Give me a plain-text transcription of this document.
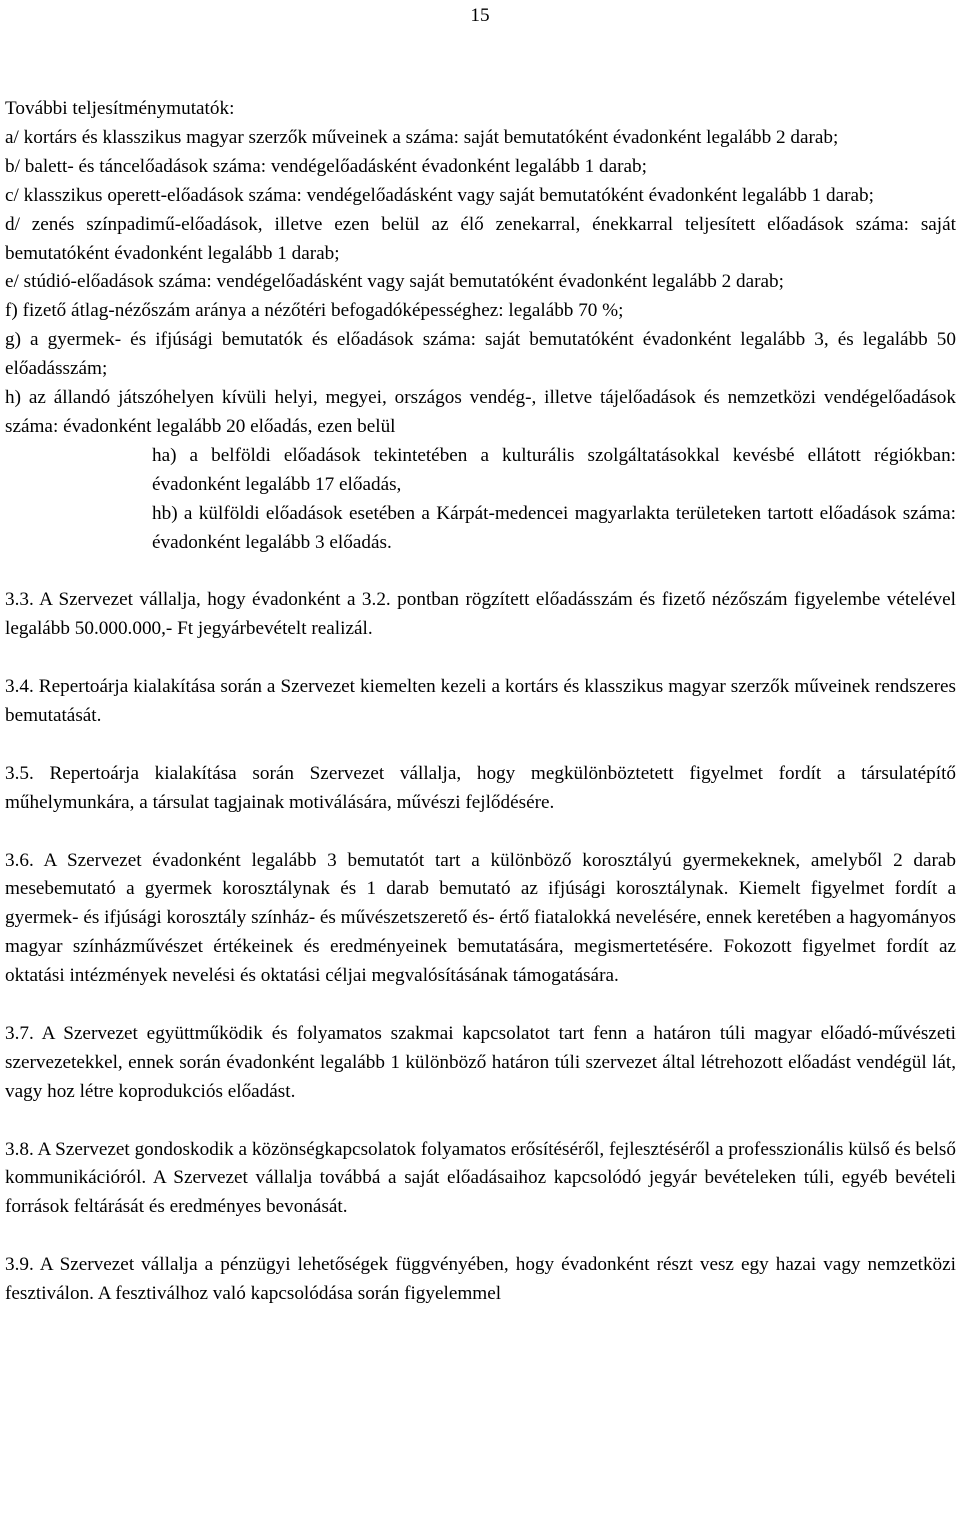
15

További teljesítménymutatók:

a/ kortárs és klasszikus magyar szerzők műveinek a száma: saját bemutatóként évadonként legalább 2 darab;

b/ balett- és táncelőadások száma: vendégelőadásként évadonként legalább 1 darab;

c/ klasszikus operett-előadások száma: vendégelőadásként vagy saját bemutatóként évadonként legalább 1 darab;

d/ zenés színpadimű-előadások, illetve ezen belül az élő zenekarral, énekkarral teljesített előadások száma: saját bemutatóként évadonként legalább 1 darab;

e/ stúdió-előadások száma: vendégelőadásként vagy saját bemutatóként évadonként legalább 2 darab;

f) fizető átlag-nézőszám aránya a nézőtéri befogadóképességhez: legalább 70 %;

g) a gyermek- és ifjúsági bemutatók és előadások száma: saját bemutatóként évadonként legalább 3, és legalább 50 előadásszám;

h) az állandó játszóhelyen kívüli helyi, megyei, országos vendég-, illetve tájelőadások és nemzetközi vendégelőadások száma: évadonként legalább 20 előadás, ezen belül

ha) a belföldi előadások tekintetében a kulturális szolgáltatásokkal kevésbé ellátott régiókban: évadonként legalább 17 előadás,

hb) a külföldi előadások esetében a Kárpát-medencei magyarlakta területeken tartott előadások száma: évadonként legalább 3 előadás.

3.3. A Szervezet vállalja, hogy évadonként a 3.2. pontban rögzített előadásszám és fizető nézőszám figyelembe vételével legalább 50.000.000,- Ft jegyárbevételt realizál.

3.4. Repertoárja kialakítása során a Szervezet kiemelten kezeli a kortárs és klasszikus magyar szerzők műveinek rendszeres bemutatását.

3.5. Repertoárja kialakítása során Szervezet vállalja, hogy megkülönböztetett figyelmet fordít a társulatépítő műhelymunkára, a társulat tagjainak motiválására, művészi fejlődésére.

3.6. A Szervezet évadonként legalább 3 bemutatót tart a különböző korosztályú gyermekeknek, amelyből 2 darab mesebemutató a gyermek korosztálynak és 1 darab bemutató az ifjúsági korosztálynak. Kiemelt figyelmet fordít a gyermek- és ifjúsági korosztály színház- és művészetszerető és- értő fiatalokká nevelésére, ennek keretében a hagyományos magyar színházművészet értékeinek és eredményeinek bemutatására, megismertetésére. Fokozott figyelmet fordít az oktatási intézmények nevelési és oktatási céljai megvalósításának támogatására.

3.7. A Szervezet együttműködik és folyamatos szakmai kapcsolatot tart fenn a határon túli magyar előadó-művészeti szervezetekkel, ennek során évadonként legalább 1 különböző határon túli szervezet által létrehozott előadást vendégül lát, vagy hoz létre koprodukciós előadást.

3.8. A Szervezet gondoskodik a közönségkapcsolatok folyamatos erősítéséről, fejlesztéséről a professzionális külső és belső kommunikációról. A Szervezet vállalja továbbá a saját előadásaihoz kapcsolódó jegyár bevételeken túli, egyéb bevételi források feltárását és eredményes bevonását.

3.9. A Szervezet vállalja a pénzügyi lehetőségek függvényében, hogy évadonként részt vesz egy hazai vagy nemzetközi fesztiválon. A fesztiválhoz való kapcsolódása során figyelemmel
